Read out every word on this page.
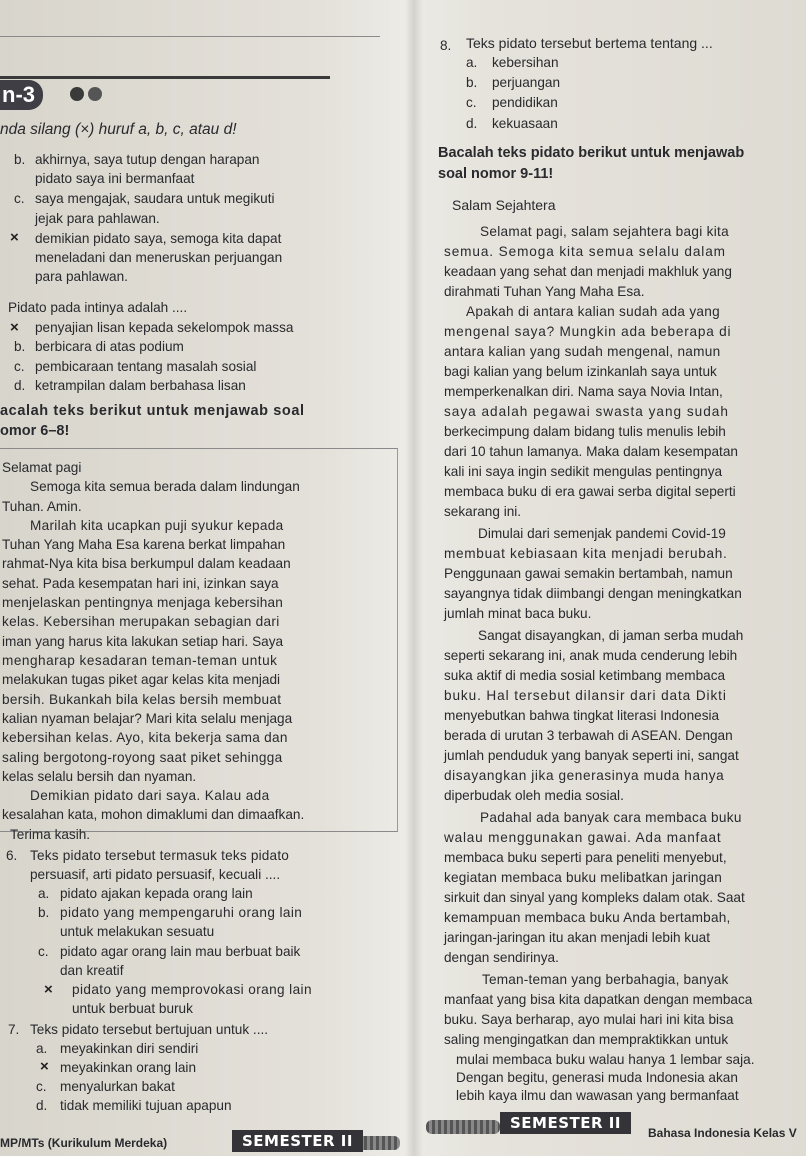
n-3
nda silang (×) huruf a, b, c, atau d!
b. akhirnya, saya tutup dengan harapan
pidato saya ini bermanfaat
c. saya mengajak, saudara untuk megikuti
jejak para pahlawan.
× demikian pidato saya, semoga kita dapat
meneladani dan meneruskan perjuangan
para pahlawan.
Pidato pada intinya adalah ....
× penyajian lisan kepada sekelompok massa
b. berbicara di atas podium
c. pembicaraan tentang masalah sosial
d. ketrampilan dalam berbahasa lisan
acalah teks berikut untuk menjawab soal
omor 6–8!
Selamat pagi
Semoga kita semua berada dalam lindungan
Tuhan. Amin.
Marilah kita ucapkan puji syukur kepada
Tuhan Yang Maha Esa karena berkat limpahan
rahmat-Nya kita bisa berkumpul dalam keadaan
sehat. Pada kesempatan hari ini, izinkan saya
menjelaskan pentingnya menjaga kebersihan
kelas. Kebersihan merupakan sebagian dari
iman yang harus kita lakukan setiap hari. Saya
mengharap kesadaran teman-teman untuk
melakukan tugas piket agar kelas kita menjadi
bersih. Bukankah bila kelas bersih membuat
kalian nyaman belajar? Mari kita selalu menjaga
kebersihan kelas. Ayo, kita bekerja sama dan
saling bergotong-royong saat piket sehingga
kelas selalu bersih dan nyaman.
Demikian pidato dari saya. Kalau ada
kesalahan kata, mohon dimaklumi dan dimaafkan.
Terima kasih.
6. Teks pidato tersebut termasuk teks pidato
persuasif, arti pidato persuasif, kecuali ....
a. pidato ajakan kepada orang lain
b. pidato yang mempengaruhi orang lain
untuk melakukan sesuatu
c. pidato agar orang lain mau berbuat baik
dan kreatif
× pidato yang memprovokasi orang lain
untuk berbuat buruk
7. Teks pidato tersebut bertujuan untuk ....
a. meyakinkan diri sendiri
× meyakinkan orang lain
c. menyalurkan bakat
d. tidak memiliki tujuan apapun
MP/MTs (Kurikulum Merdeka)	SEMESTER II
8. Teks pidato tersebut bertema tentang ...
a. kebersihan
b. perjuangan
c. pendidikan
d. kekuasaan
Bacalah teks pidato berikut untuk menjawab
soal nomor 9-11!
Salam Sejahtera
Selamat pagi, salam sejahtera bagi kita
semua. Semoga kita semua selalu dalam
keadaan yang sehat dan menjadi makhluk yang
dirahmati Tuhan Yang Maha Esa.
Apakah di antara kalian sudah ada yang
mengenal saya? Mungkin ada beberapa di
antara kalian yang sudah mengenal, namun
bagi kalian yang belum izinkanlah saya untuk
memperkenalkan diri. Nama saya Novia Intan,
saya adalah pegawai swasta yang sudah
berkecimpung dalam bidang tulis menulis lebih
dari 10 tahun lamanya. Maka dalam kesempatan
kali ini saya ingin sedikit mengulas pentingnya
membaca buku di era gawai serba digital seperti
sekarang ini.
Dimulai dari semenjak pandemi Covid-19
membuat kebiasaan kita menjadi berubah.
Penggunaan gawai semakin bertambah, namun
sayangnya tidak diimbangi dengan meningkatkan
jumlah minat baca buku.
Sangat disayangkan, di jaman serba mudah
seperti sekarang ini, anak muda cenderung lebih
suka aktif di media sosial ketimbang membaca
buku. Hal tersebut dilansir dari data Dikti
menyebutkan bahwa tingkat literasi Indonesia
berada di urutan 3 terbawah di ASEAN. Dengan
jumlah penduduk yang banyak seperti ini, sangat
disayangkan jika generasinya muda hanya
diperbudak oleh media sosial.
Padahal ada banyak cara membaca buku
walau menggunakan gawai. Ada manfaat
membaca buku seperti para peneliti menyebut,
kegiatan membaca buku melibatkan jaringan
sirkuit dan sinyal yang kompleks dalam otak. Saat
kemampuan membaca buku Anda bertambah,
jaringan-jaringan itu akan menjadi lebih kuat
dengan sendirinya.
Teman-teman yang berbahagia, banyak
manfaat yang bisa kita dapatkan dengan membaca
buku. Saya berharap, ayo mulai hari ini kita bisa
saling mengingatkan dan mempraktikkan untuk
mulai membaca buku walau hanya 1 lembar saja.
Dengan begitu, generasi muda Indonesia akan
lebih kaya ilmu dan wawasan yang bermanfaat
SEMESTER II
Bahasa Indonesia Kelas V
